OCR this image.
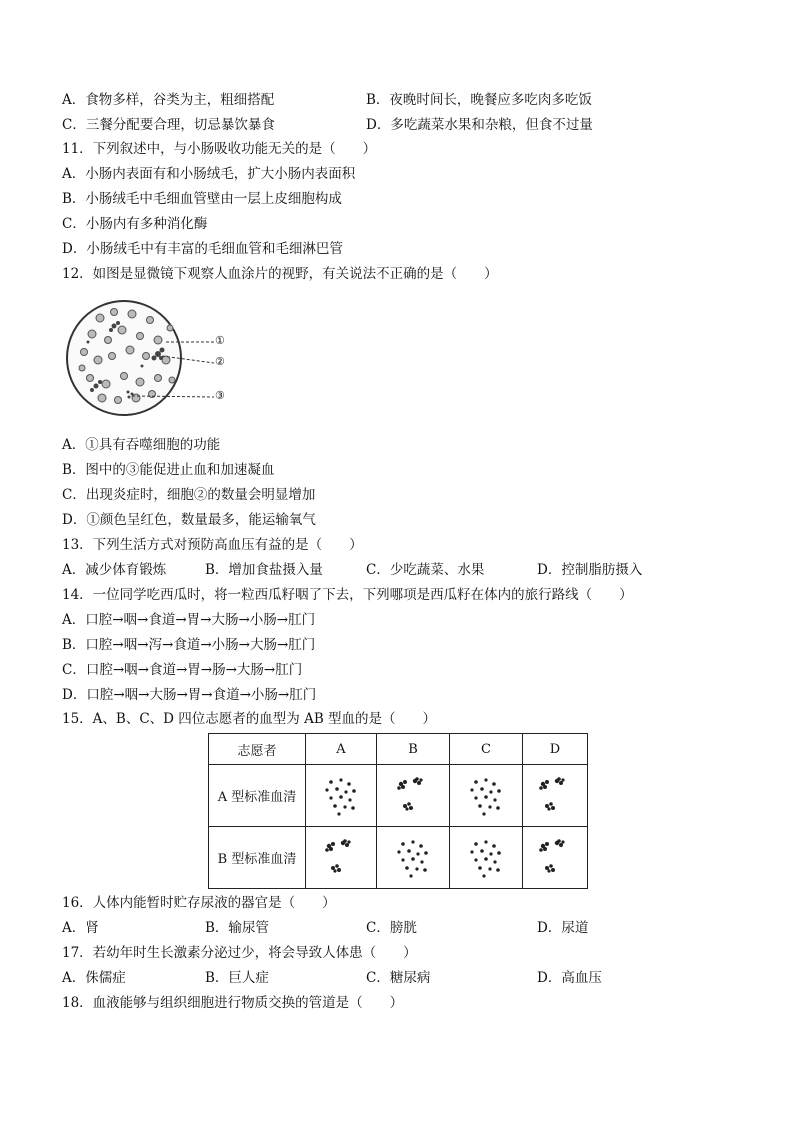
A．食物多样，谷类为主，粗细搭配	B．夜晚时间长，晚餐应多吃肉多吃饭
C．三餐分配要合理，切忌暴饮暴食	D．多吃蔬菜水果和杂粮，但食不过量
11．下列叙述中，与小肠吸收功能无关的是（　　）
A．小肠内表面有和小肠绒毛，扩大小肠内表面积
B．小肠绒毛中毛细血管壁由一层上皮细胞构成
C．小肠内有多种消化酶
D．小肠绒毛中有丰富的毛细血管和毛细淋巴管
12．如图是显微镜下观察人血涂片的视野，有关说法不正确的是（　　）
①
②
③
A．①具有吞噬细胞的功能
B．图中的③能促进止血和加速凝血
C．出现炎症时，细胞②的数量会明显增加
D．①颜色呈红色，数量最多，能运输氧气
13．下列生活方式对预防高血压有益的是（　　）
A．减少体育锻炼	B．增加食盐摄入量	C．少吃蔬菜、水果	D．控制脂肪摄入
14．一位同学吃西瓜时，将一粒西瓜籽咽了下去，下列哪项是西瓜籽在体内的旅行路线（　　）
A．口腔→咽→食道→胃→大肠→小肠→肛门
B．口腔→咽→泻→食道→小肠→大肠→肛门
C．口腔→咽→食道→胃→肠→大肠→肛门
D．口腔→咽→大肠→胃→食道→小肠→肛门
15．A、B、C、D 四位志愿者的血型为 AB 型血的是（　　）
志愿者	A	B	C	D
A 型标准血清	

B 型标准血清	

16．人体内能暂时贮存尿液的器官是（　　）
A．肾	B．输尿管	C．膀胱	D．尿道
17．若幼年时生长激素分泌过少，将会导致人体患（　　）
A．侏儒症	B．巨人症	C．糖尿病	D．高血压
18．血液能够与组织细胞进行物质交换的管道是（　　）
